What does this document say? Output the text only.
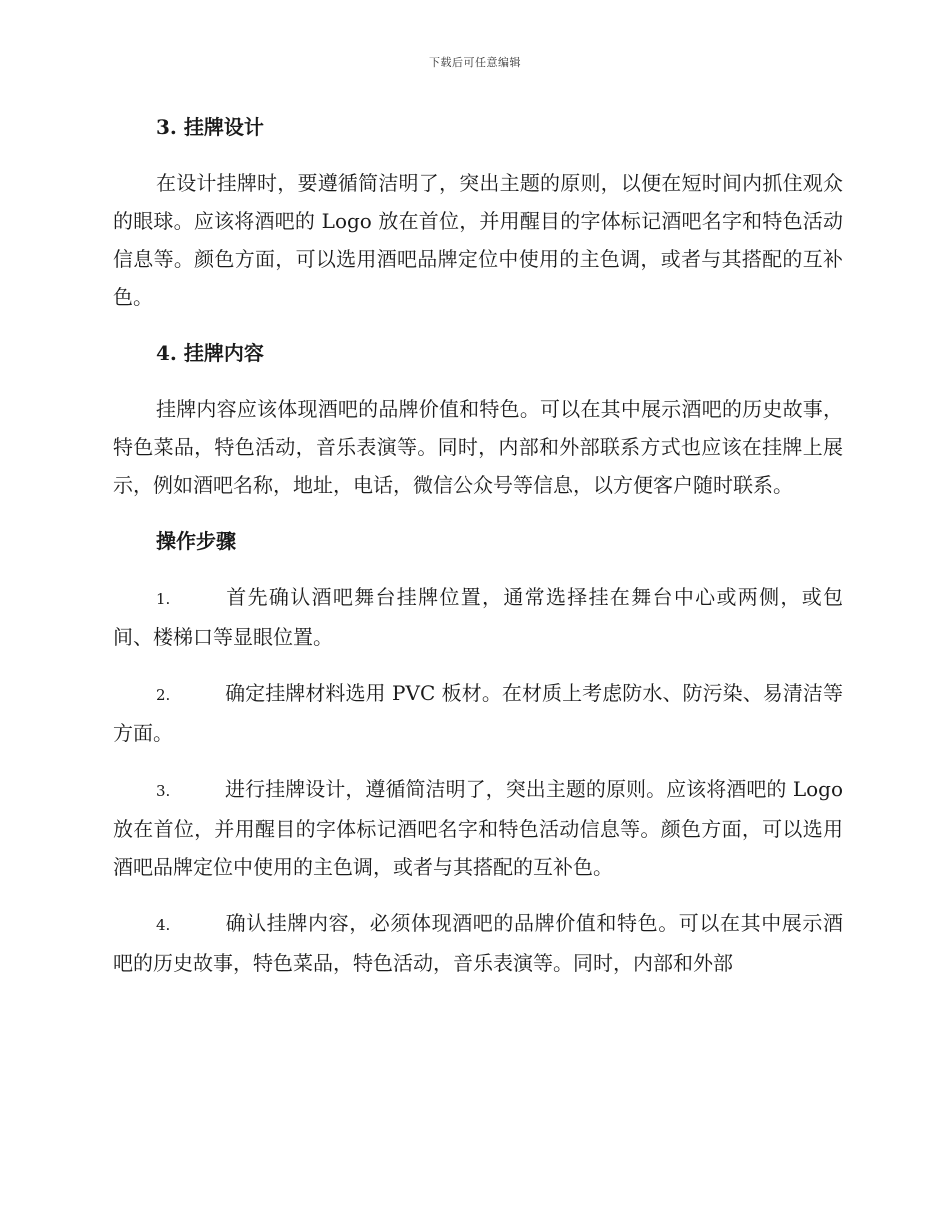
下载后可任意编辑
3. 挂牌设计

在设计挂牌时，要遵循简洁明了，突出主题的原则，以便在短时间内抓住观众的眼球。应该将酒吧的 Logo 放在首位，并用醒目的字体标记酒吧名字和特色活动信息等。颜色方面，可以选用酒吧品牌定位中使用的主色调，或者与其搭配的互补色。

4. 挂牌内容

挂牌内容应该体现酒吧的品牌价值和特色。可以在其中展示酒吧的历史故事，特色菜品，特色活动，音乐表演等。同时，内部和外部联系方式也应该在挂牌上展示，例如酒吧名称，地址，电话，微信公众号等信息，以方便客户随时联系。

操作步骤

1.	首先确认酒吧舞台挂牌位置，通常选择挂在舞台中心或两侧，或包间、楼梯口等显眼位置。

2.	确定挂牌材料选用 PVC 板材。在材质上考虑防水、防污染、易清洁等方面。

3.	进行挂牌设计，遵循简洁明了，突出主题的原则。应该将酒吧的 Logo 放在首位，并用醒目的字体标记酒吧名字和特色活动信息等。颜色方面，可以选用酒吧品牌定位中使用的主色调，或者与其搭配的互补色。

4.	确认挂牌内容，必须体现酒吧的品牌价值和特色。可以在其中展示酒吧的历史故事，特色菜品，特色活动，音乐表演等。同时，内部和外部
